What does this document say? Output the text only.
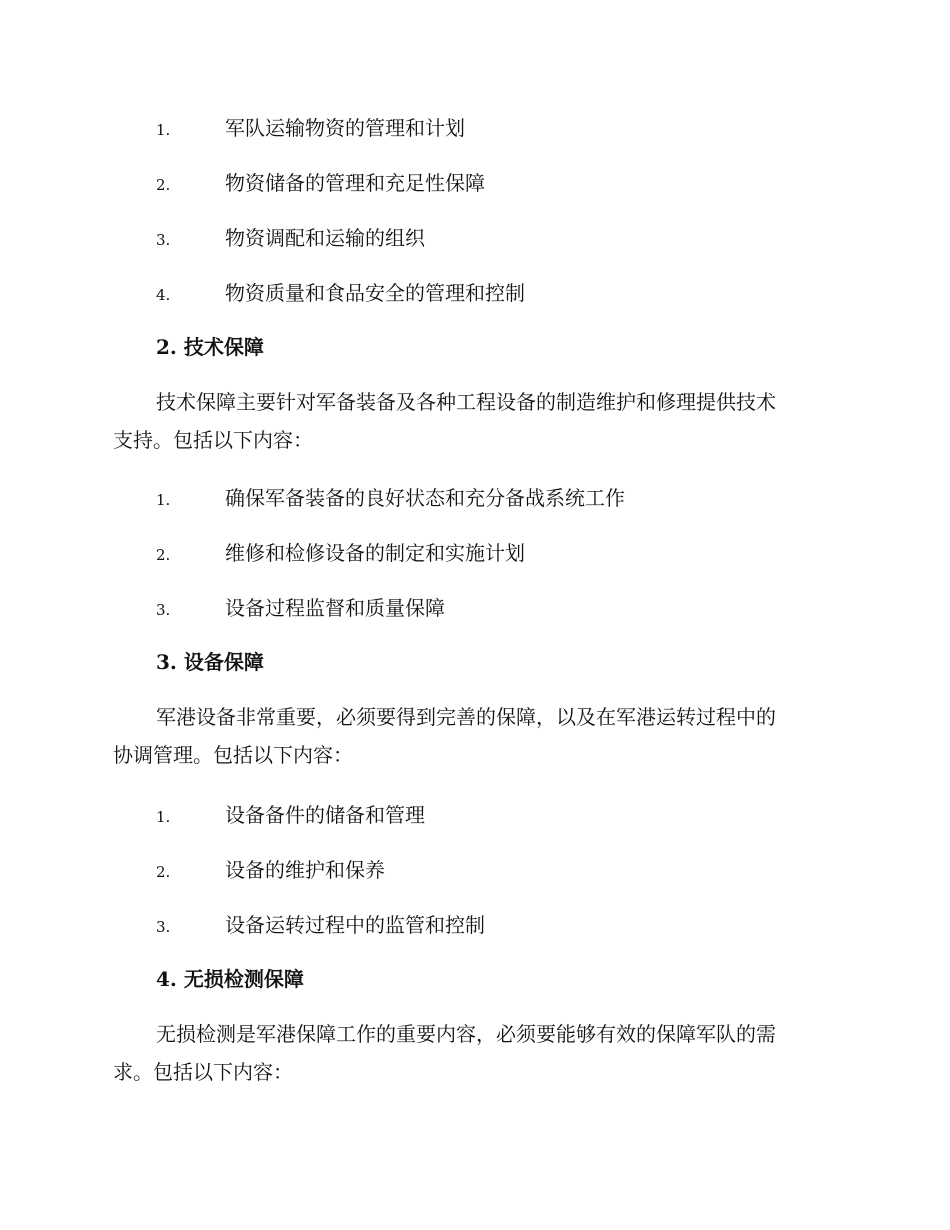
1.	军队运输物资的管理和计划
2.	物资储备的管理和充足性保障
3.	物资调配和运输的组织
4.	物资质量和食品安全的管理和控制
2. 技术保障
技术保障主要针对军备装备及各种工程设备的制造维护和修理提供技术
支持。包括以下内容：
1.	确保军备装备的良好状态和充分备战系统工作
2.	维修和检修设备的制定和实施计划
3.	设备过程监督和质量保障
3. 设备保障
军港设备非常重要，必须要得到完善的保障，以及在军港运转过程中的
协调管理。包括以下内容：
1.	设备备件的储备和管理
2.	设备的维护和保养
3.	设备运转过程中的监管和控制
4. 无损检测保障
无损检测是军港保障工作的重要内容，必须要能够有效的保障军队的需
求。包括以下内容：
